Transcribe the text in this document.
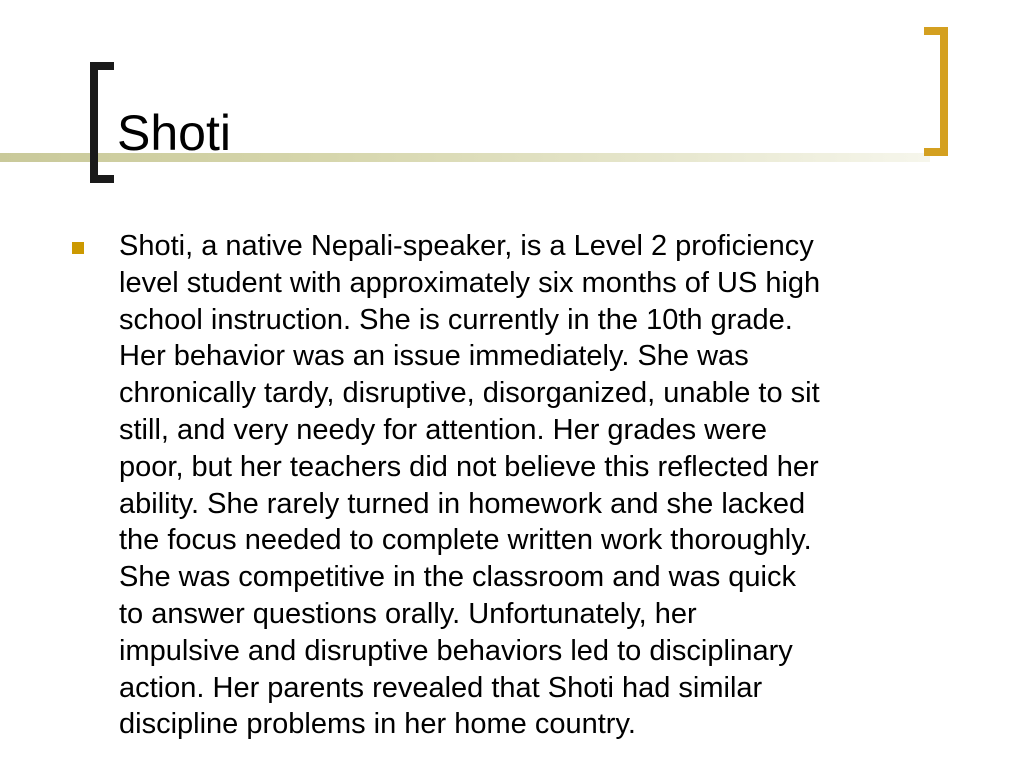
Shoti
Shoti, a native Nepali-speaker, is a Level 2 proficiency
level student with approximately six months of US high
school instruction. She is currently in the 10th grade.
Her behavior was an issue immediately. She was
chronically tardy, disruptive, disorganized, unable to sit
still, and very needy for attention. Her grades were
poor, but her teachers did not believe this reflected her
ability. She rarely turned in homework and she lacked
the focus needed to complete written work thoroughly.
She was competitive in the classroom and was quick
to answer questions orally. Unfortunately, her
impulsive and disruptive behaviors led to disciplinary
action. Her parents revealed that Shoti had similar
discipline problems in her home country.
